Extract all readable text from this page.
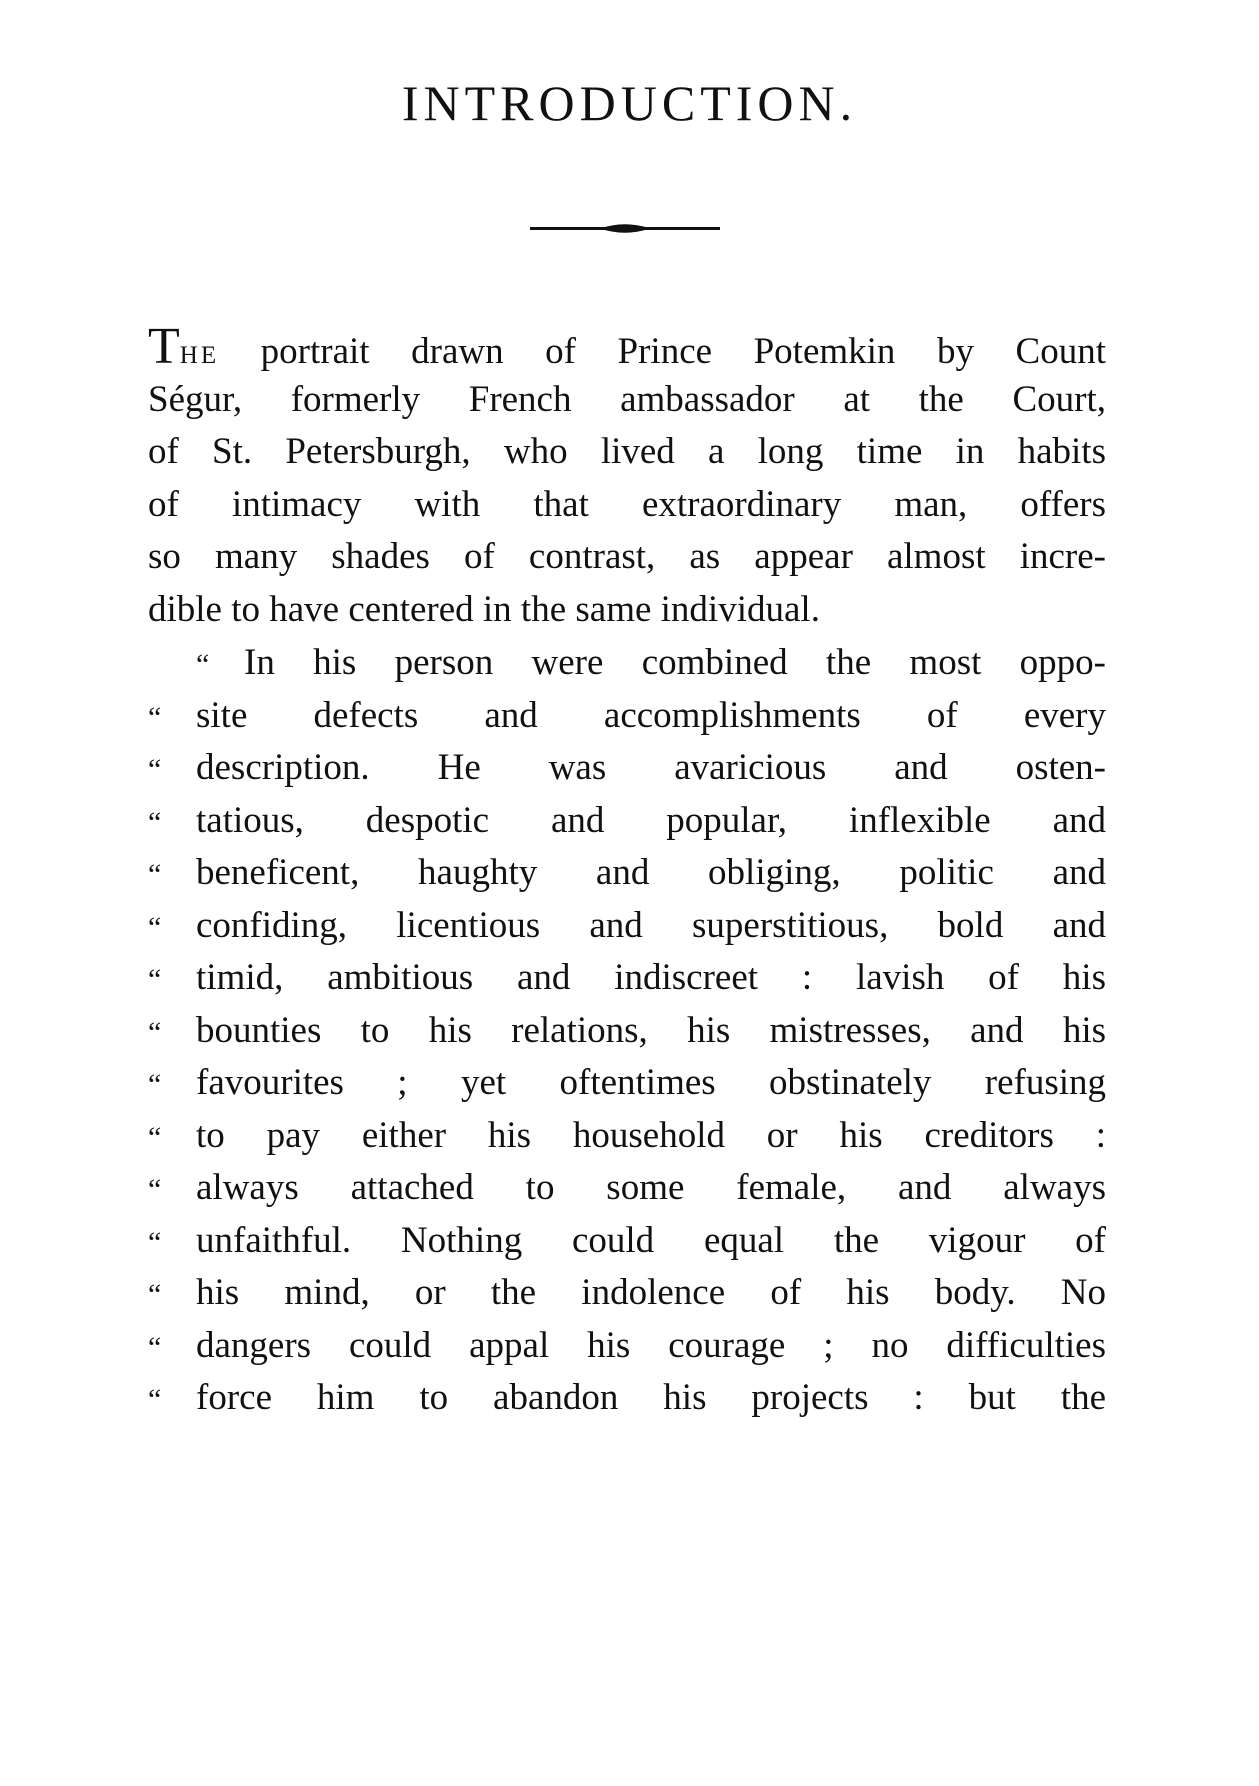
INTRODUCTION.
THE portrait drawn of Prince Potemkin by Count
Ségur, formerly French ambassador at the Court,
of St. Petersburgh, who lived a long time in habits
of intimacy with that extraordinary man, offers
so many shades of contrast, as appear almost incre-
dible to have centered in the same individual.
“ In his person were combined the most oppo-
“ site defects and accomplishments of every
“ description. He was avaricious and osten-
“ tatious, despotic and popular, inflexible and
“ beneficent, haughty and obliging, politic and
“ confiding, licentious and superstitious, bold and
“ timid, ambitious and indiscreet : lavish of his
“ bounties to his relations, his mistresses, and his
“ favourites ; yet oftentimes obstinately refusing
“ to pay either his household or his creditors :
“ always attached to some female, and always
“ unfaithful. Nothing could equal the vigour of
“ his mind, or the indolence of his body. No
“ dangers could appal his courage ; no difficulties
“ force him to abandon his projects : but the
